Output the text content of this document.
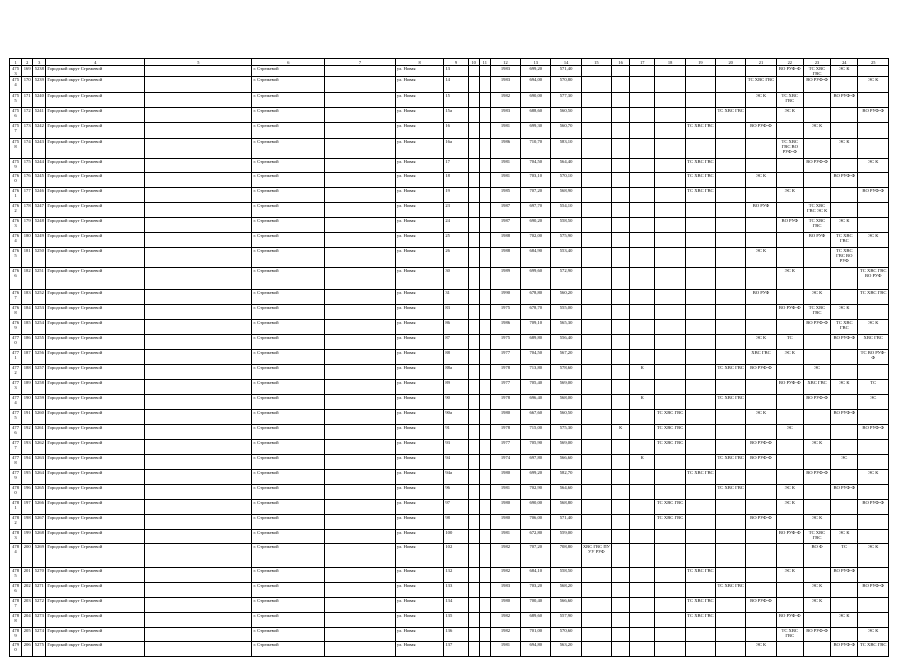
1	2	3	4	5	6	7	8	9	10	11	12	13	14	15	16	17	18	19	20	21	22	23	24	25
4753	169	5238	Городской округ Стрежевой		г. Стрежевой		ул. Новая	13			1983	699,20	571,40								ВО РУФ-Ф	ТС ХВС ГВС	ЭС К	
4754	170	5239	Городской округ Стрежевой		г. Стрежевой		ул. Новая	14			1983	694,00	570,80							ТС ХВС ГВС		ВО РУФ-Ф		ЭС К
4755	171	5240	Городской округ Стрежевой		г. Стрежевой		ул. Новая	15			1982	690,00	577,30							ЭС К	ТС ХВС ГВС		ВО РУФ-Ф	
4756	172	5241	Городской округ Стрежевой		г. Стрежевой		ул. Новая	15а			1983	688,60	560,50						ТС ХВС ГВС		ЭС К			ВО РУФ-Ф
4757	173	5242	Городской округ Стрежевой		г. Стрежевой		ул. Новая	16			1981	699,30	560,70					ТС ХВС ГВС		ВО РУФ-Ф		ЭС К		
4758	174	5243	Городской округ Стрежевой		г. Стрежевой		ул. Новая	16а			1986	710,70	583,10								ТС ХВС ГВС ВО РУФ-Ф		ЭС К	
4759	175	5244	Городской округ Стрежевой		г. Стрежевой		ул. Новая	17			1981	704,50	564,40					ТС ХВС ГВС				ВО РУФ-Ф		ЭС К
4760	176	5245	Городской округ Стрежевой		г. Стрежевой		ул. Новая	18			1981	703,10	570,10					ТС ХВС ГВС		ЭС К			ВО РУФ-Ф	
4761	177	5246	Городской округ Стрежевой		г. Стрежевой		ул. Новая	19			1985	707,20	568,90					ТС ХВС ГВС			ЭС К			ВО РУФ-Ф
4762	178	5247	Городской округ Стрежевой		г. Стрежевой		ул. Новая	23			1987	697,70	554,10							ВО РУФ		ТС ХВС ГВС ЭС К		
4763	179	5248	Городской округ Стрежевой		г. Стрежевой		ул. Новая	24			1987	690,20	558,50								ВО РУФ	ТС ХВС ГВС	ЭС К	
4764	180	5249	Городской округ Стрежевой		г. Стрежевой		ул. Новая	25			1988	702,00	575,90									ВО РУФ	ТС ХВС ГВС	ЭС К
4765	181	5250	Городской округ Стрежевой		г. Стрежевой		ул. Новая	26			1988	684,90	553,40							ЭС К			ТС ХВС ГВС ВО РУФ	
4766	182	5251	Городской округ Стрежевой		г. Стрежевой		ул. Новая	30			1989	699,60	572,90								ЭС К			ТС ХВС ГВС ВО РУФ
4767	183	5252	Городской округ Стрежевой		г. Стрежевой		ул. Новая	31			1990	678,80	560,20							ВО РУФ		ЭС К		ТС ХВС ГВС
4768	184	5253	Городской округ Стрежевой		г. Стрежевой		ул. Новая	83			1975	678,70	555,00								ВО РУФ-Ф	ТС ХВС ГВС	ЭС К	
4769	185	5254	Городской округ Стрежевой		г. Стрежевой		ул. Новая	86			1986	709,10	565,30									ВО РУФ-Ф	ТС ХВС ГВС	ЭС К
4770	186	5255	Городской округ Стрежевой		г. Стрежевой		ул. Новая	87			1975	689,80	556,40							ЭС К	ТС		ВО РУФ-Ф	ХВС ГВС
4771	187	5256	Городской округ Стрежевой		г. Стрежевой		ул. Новая	88			1977	704,50	567,20							ХВС ГВС	ЭС К			ТС ВО РУФ-Ф
4772	188	5257	Городской округ Стрежевой		г. Стрежевой		ул. Новая	88а			1978	713,80	578,60			К			ТС ХВС ГВС	ВО РУФ-Ф		ЭС		
4773	189	5258	Городской округ Стрежевой		г. Стрежевой		ул. Новая	89			1977	705,40	569,00								ВО РУФ-Ф	ХВС ГВС	ЭС К	ТС
4774	190	5259	Городской округ Стрежевой		г. Стрежевой		ул. Новая	90			1978	696,40	568,00			К			ТС ХВС ГВС			ВО РУФ-Ф		ЭС
4775	191	5260	Городской округ Стрежевой		г. Стрежевой		ул. Новая	90а			1980	667,60	560,50				ТС ХВС ГВС			ЭС К			ВО РУФ-Ф	
4776	192	5261	Городской округ Стрежевой		г. Стрежевой		ул. Новая	91			1978	715,00	575,30		К		ТС ХВС ГВС				ЭС			ВО РУФ-Ф
4777	193	5262	Городской округ Стрежевой		г. Стрежевой		ул. Новая	93			1977	705,90	569,00				ТС ХВС ГВС			ВО РУФ-Ф		ЭС К		
4778	194	5263	Городской округ Стрежевой		г. Стрежевой		ул. Новая	94			1974	697,80	566,60			К			ТС ХВС ГВС	ВО РУФ-Ф			ЭС	
4779	195	5264	Городской округ Стрежевой		г. Стрежевой		ул. Новая	94а			1980	699,20	582,70					ТС ХВС ГВС				ВО РУФ-Ф		ЭС К
4780	196	5265	Городской округ Стрежевой		г. Стрежевой		ул. Новая	96			1981	702,90	564,60						ТС ХВС ГВС		ЭС К		ВО РУФ-Ф	
4781	197	5266	Городской округ Стрежевой		г. Стрежевой		ул. Новая	97			1980	690,00	568,80				ТС ХВС ГВС				ЭС К			ВО РУФ-Ф
4782	198	5267	Городской округ Стрежевой		г. Стрежевой		ул. Новая	98			1980	706,00	571,40				ТС ХВС ГВС			ВО РУФ-Ф		ЭС К		
4783	199	5268	Городской округ Стрежевой		г. Стрежевой		ул. Новая	100			1981	672,80	559,00								ВО РУФ-Ф	ТС ХВС ГВС	ЭС К	
4784	200	5269	Городской округ Стрежевой		г. Стрежевой		ул. Новая	102			1982	707,20	708,80	ХВС ГВС ПУ УУ РУФ								ВО Ф	ТС	ЭС К
4785	201	5270	Городской округ Стрежевой		г. Стрежевой		ул. Новая	132			1982	684,10	558,50					ТС ХВС ГВС			ЭС К		ВО РУФ-Ф	
4786	202	5271	Городской округ Стрежевой		г. Стрежевой		ул. Новая	133			1983	703,20	568,20						ТС ХВС ГВС			ЭС К		ВО РУФ-Ф
4787	203	5272	Городской округ Стрежевой		г. Стрежевой		ул. Новая	134			1980	700,40	566,60					ТС ХВС ГВС		ВО РУФ-Ф		ЭС К		
4788	204	5273	Городской округ Стрежевой		г. Стрежевой		ул. Новая	135			1982	689,60	557,90					ТС ХВС ГВС			ВО РУФ-Ф		ЭС К	
4789	205	5274	Городской округ Стрежевой		г. Стрежевой		ул. Новая	136			1982	701,00	570,60								ТС ХВС ГВС	ВО РУФ-Ф		ЭС К
4790	206	5275	Городской округ Стрежевой		г. Стрежевой		ул. Новая	137			1981	694,80	563,20							ЭС К			ВО РУФ-Ф	ТС ХВС ГВС
